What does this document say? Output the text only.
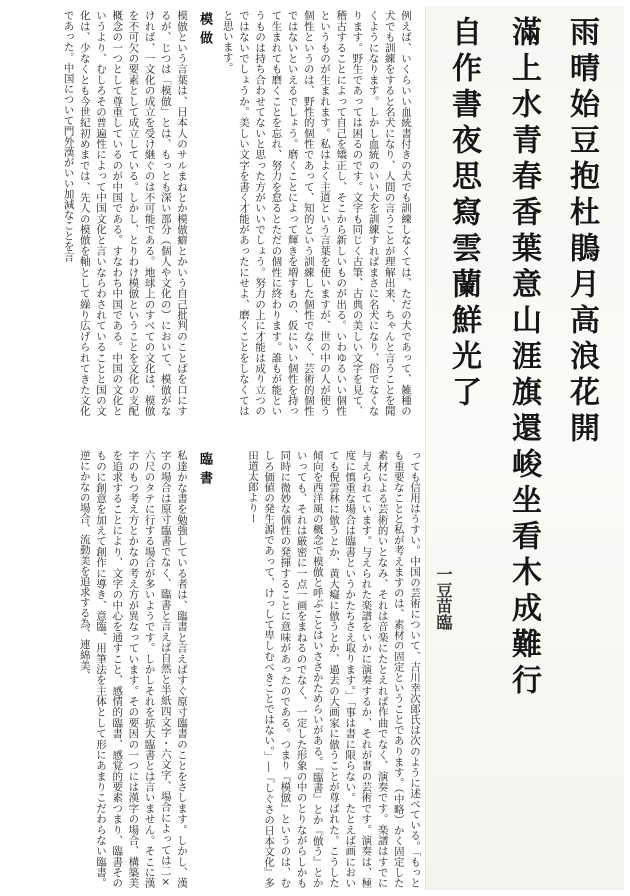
雨晴始豆抱杜鵑月高浪花開
滿上水青春香葉意山涯旗還峻坐看木成難行
自作書夜思寫雲蘭鮮光了
一豆苗臨
例えば、いくらいい血統書付きの犬でも訓練しなくては、ただの犬であって、雑種の犬でも訓練をすると名犬になり、人間の言うことが理解出来、ちゃんと言うことを聞くようになります。しかし血統のいい犬を訓練すればまさに名犬になり、俗でなくなります。野生であっては困るのです。文字も同じく古筆、古典の美しい文字を見て、稽古することによって自己を矯正し、そこから新しいものが出る。いわゆるいい個性というものが生まれます。私はよく主道という言葉を使いますが、世の中の人が使う個性というのは、野性的個性であって、知的という訓練した個性でなく、芸術的個性ではないといえるでしょう。磨くことによって輝きを増すもの、仮にいい個性を持って生まれても磨くことを忘れ、努力を怠るとただの個性に終わります。誰もが能というものは持ち合わせてないと思った方がいいでしょう。努力の上に才能は成り立つのではないでしょうか。美しい文字を書く才能があったにせよ、磨くことをしなくてはと思います。
模做
模倣という言葉は、日本人のサルまねとか模倣癖とかいう自己批判のことばを口にするが、じつは「模倣」とは、もっとも深い部分（個人や文化の）において、模倣がなければ、一文化の成立を受け継ぐのは不可能である。地球上のすべての文化は、模倣を不可欠の要素として成立している。しかし、とりわけ模倣ということを文化の支配概念の一つとして尊重しているのが中国である。すなわち中国である。中国の文化というより、むしろその普遍性によって中国文化と言いならわされていることと国の文化は、少なくとも今世紀初めまでは、先人の模倣を軸として繰り広げられてきた文化であった。中国について門外漢がいい加減なことを言
っても信用はうすい。中国の芸術について、吉川幸次郎氏は次のように述べている。「もっとも重要なことと私が考えますのは、素材の固定ということであります。（中略）かく固定した素材による芸術的いとなみ、それは音楽にたとえれば作曲でなく、演奏です。楽譜はすでに与えられています。与えられた楽譜をいかに演奏するか、それが書の芸術です。演奏は、極度に慎重な場合は臨書というかたちさえ取ります。」「事は書に限らない。たとえば画においても倪雲林に倣うとか、黄大癡に倣うとか、過去の大画家に倣うことが尊ばれた。こうした傾向を西洋風の概念で模倣と呼ぶことはいささかためらいがある。『臨書』とか『倣う』とかいっても、それは厳密に一点一画をまねるのでなく、一定した形象の中のとりながらしかも同時に微妙な個性の発揮することに意味があったのである。つまり『模倣』というのは、むしろ価値の発生源であって、けっして卑しむべきことではない。」―『しぐさの日本文化』多田道太郎よりー
臨書
私達かな書を勉強している者は、臨書と言えばすぐ原寸臨書のことをさします。しかし、漢字の場合は原寸臨書でなく、臨書と言えば自然と半紙四文字・六文字、場合によっては二×六尺のタテに行する場合が多いようです。しかしそれを拡大臨書とは言いません。そこに漢字のもつ考え方とかなの考え方が異なっています。その要因の一つには漢字の場合、構築美を追求することにより、文字の中心を通すこと、感情的臨書、感覚的要素つまり、臨書そのものに創意を加えて創作に導き、意臨、用筆法を主体として形にあまりこだわらない臨書。逆にかなの場合、流動美を追求する為、連綿美、
